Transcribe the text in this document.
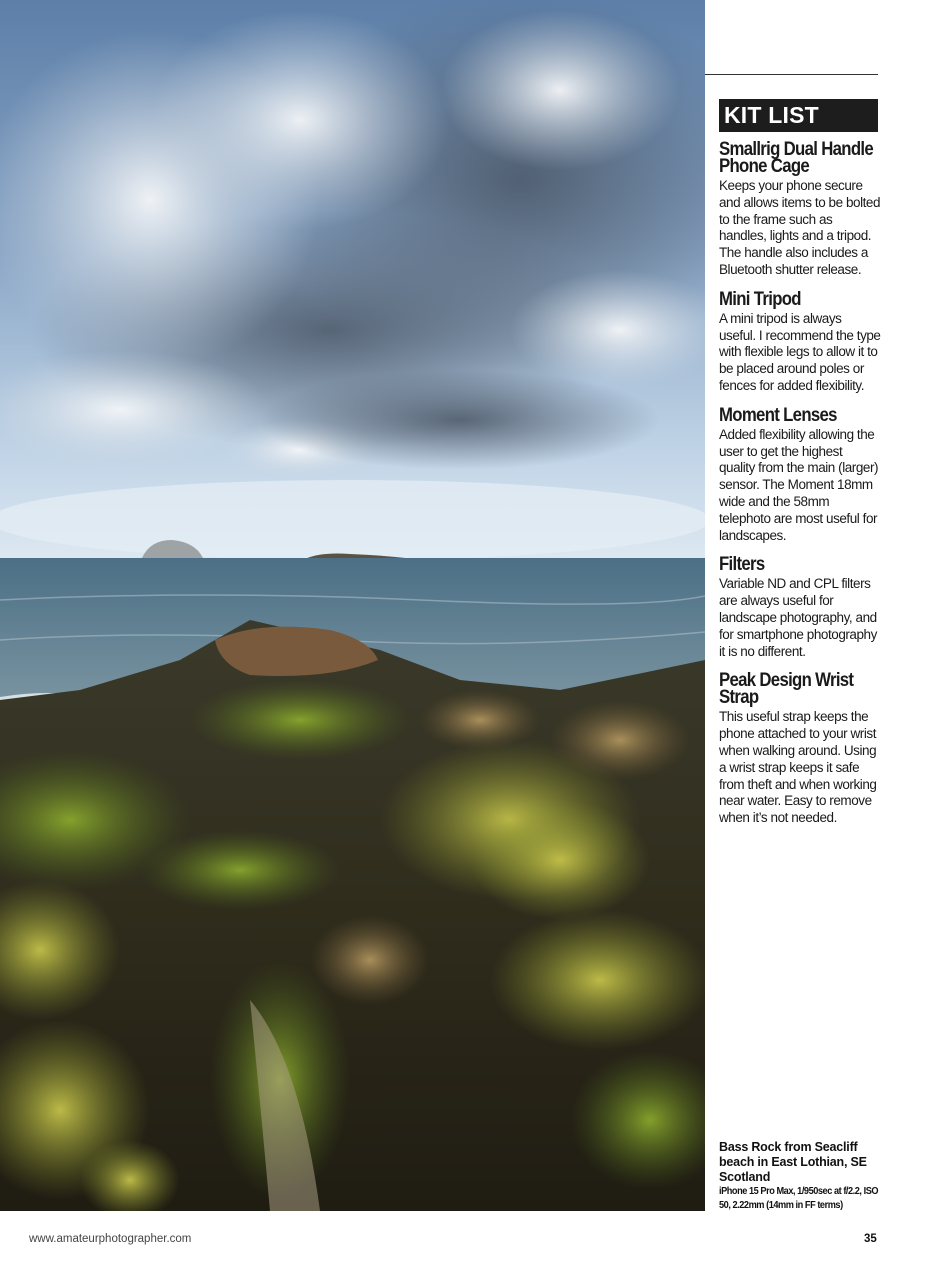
KIT LIST
Smallrig Dual Handle Phone Cage
Keeps your phone secure and allows items to be bolted to the frame such as handles, lights and a tripod. The handle also includes a Bluetooth shutter release.
Mini Tripod
A mini tripod is always useful. I recommend the type with flexible legs to allow it to be placed around poles or fences for added flexibility.
Moment Lenses
Added flexibility allowing the user to get the highest quality from the main (larger) sensor. The Moment 18mm wide and the 58mm telephoto are most useful for landscapes.
Filters
Variable ND and CPL filters are always useful for landscape photography, and for smartphone photography it is no different.
Peak Design Wrist Strap
This useful strap keeps the phone attached to your wrist when walking around. Using a wrist strap keeps it safe from theft and when working near water. Easy to remove when it’s not needed.
Bass Rock from Seacliff beach in East Lothian, SE Scotland
iPhone 15 Pro Max, 1/950sec at f/2.2, ISO 50, 2.22mm (14mm in FF terms)
www.amateurphotographer.com	35
